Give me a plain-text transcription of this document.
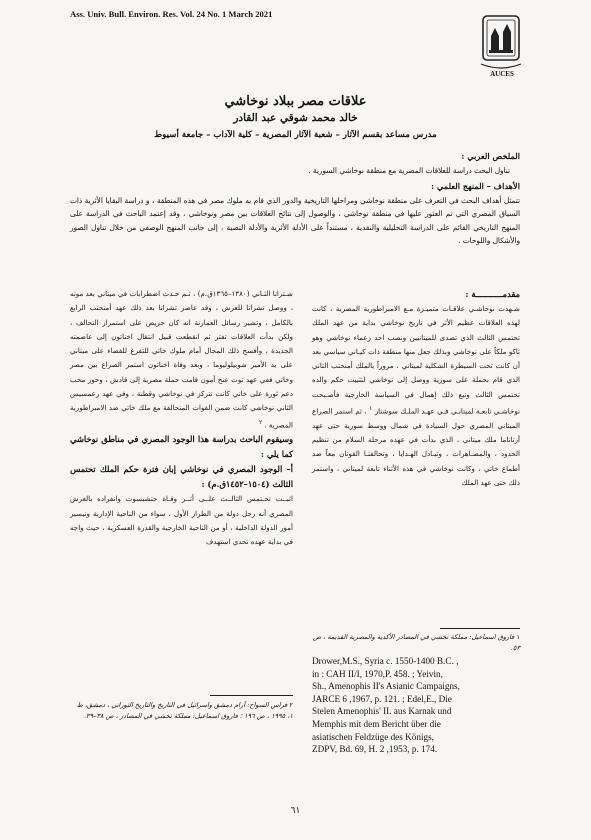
Ass. Univ. Bull. Environ. Res. Vol. 24 No. 1 March 2021
AUCES
علاقات مصر ببلاد نوخاشي
خالد محمد شوقي عبد القادر
مدرس مساعد بقسم الآثار – شعبة الآثار المصرية – كلية الآداب – جامعة أسيوط
الملخص العربي :
تناول البحث دراسة للعلاقات المصرية مع منطقة نوخاشي السورية .
الأهداف – المنهج العلمي :
تتمثل أهداف البحث في التعرف على منطقة نوخاشي ومراحلها التاريخية والدور الذي قام به ملوك مصر في هذه المنطقة ، و دراسة البقايا الأثرية ذات السياق المصري التي تم العثور عليها في منطقة نوخاشي ، والوصول إلى نتائج العلاقات بين مصر ونوخاشي ، وقد إعتمد الباحث في الدراسة على المنهج التاريخي القائم على الدراسة التحليلية والنقدية ، مستنداً على الأدلة الأثرية والأدلة النصية ، إلى جانب المنهج الوصفي من خلال تناول الصور والأشكال واللوحات .

مقدمـــــــــــة :

شـهدت نوخاشـي علاقـات متميـزة مـع الامبراطورية المصرية ، كانت لهذه العلاقات عظيم الأثر في تاريخ نوخاشي بداية من عهد الملك تحتمس الثالث الذي تصدى للميتانيين ونصب احد زعماء نوخاشي وهو تاكو ملكاً على نوخاشي وبذلك جعل منها منطقة ذات كيـاني سياسي بعد أن كانت تحت السيطرة الشكلية لميتاني ، مروراً بالملك أمنحتب الثاني الذي قام بحملة على سورية ووصل إلى نوخاشي لتثبيت حكم والده تحتمس الثالث وتبع ذلك إهمال في السياسة الخارجية فأصـبحت نوخاشـي تابعـة لميتانـي فـي عهـد الملـك سوشتار $^١$ ، ثم استمر الصراع الميتاني المصري حول السيادة في شمال ووسط سورية حتى عهد أرتاتاما ملك ميتاني ، الذي بدأت في عهده مرحلة السلام من تنظيم الحدود ، والمصـاهرات ، وتبـادل الهـدايا ، وتحالفتـا القوتان معاً ضد أطماع خاتي ، وكانت نوخاشي في هذه الأثناء تابعة لميتاني ، واستمر ذلك حتى عهد الملك

شـتراتا الثـاني (١٣٨٠–١٣٦٥ق.م) ، ثـم حـدث اضطرابات في ميتاني بعد موته ، ووصل تشراتا للعرش ، وقد عاصر تشراتا بعد ذلك عهد أمنحتب الرابع بالكامل ، وتشير رسائل العمارنة انه كان حريص على استمرار التحالف ، ولكن بدأت العلاقات تفتر ثم انقطعت قبيل انتقال اخناتون إلى عاصمته الجديدة ، وأفسح ذلك المجال أمام ملوك خاتي للتفرغ للقضاء على ميتاني على يد الأمير شوبيلوليوما ، وبعد وفاة اخناتون استمر الصراع بين مصر وخاتي ففي عهد توت عنخ آمون قامت حملة مصرية إلى قادش ، وحور محب دعم ثورة على خاتي كانت تتركز في نوخاشي وقطنة ، وفي عهد رعمسيس الثاني نوخاشي كانت ضمن القوات المتحالفة مع ملك خاتي ضد الامبراطورية المصرية . $^٢$

وسيقوم الباحث بدراسة هذا الوجود المصري في مناطق نوخاشي كما يلي :

أ– الوجود المصري في نوخاشي إبان فترة حكم الملك تحتمس الثالث (١٥٠٤–١٤٥٢ق.م) :

اثبــت تحـتمس الثالــث علــى أثــر وفـاة حتشبسوت وانفراده بالعرش المصري أنه رجل دولة من الطراز الأول ، سواء من الناحية الإدارية وتيسير أمور الدولة الداخلية ، أو من الناحية الخارجية والقدرة العسكرية ، حيث واجه في بداية عهده تحدي استهدف

١ فاروق اسماعيل: مملكة نخشي في المصادر الأكدية والمصرية القديمة ، ص ٥٣.
Drower,M.S., Syria c. 1550-1400 B.C. ,
in : CAH II/I, 1970,P. 458. ; Yeivin,
Sh., Amenophis II's Asianic Campaigns,
JARCE 6 ,1967, p. 121. ; Edel,E., Die
Stelen Amenophis' II. aus Karnak und
Memphis mit dem Bericht über die
asiatischen Feldzüge des Königs,
ZDPV, Bd. 69, H. 2 ,1953, p. 174.
٢ فراس السواح: آرام دمشق واسرائيل في التاريخ والتاريخ التوراتي ، دمشق، ط ١، ١٩٩٥ ، ص ١٩٦ ؛ فاروق اسماعيل: مملكة نخشي في المصادر ، ص ٣٨–٣٩.
٦١
